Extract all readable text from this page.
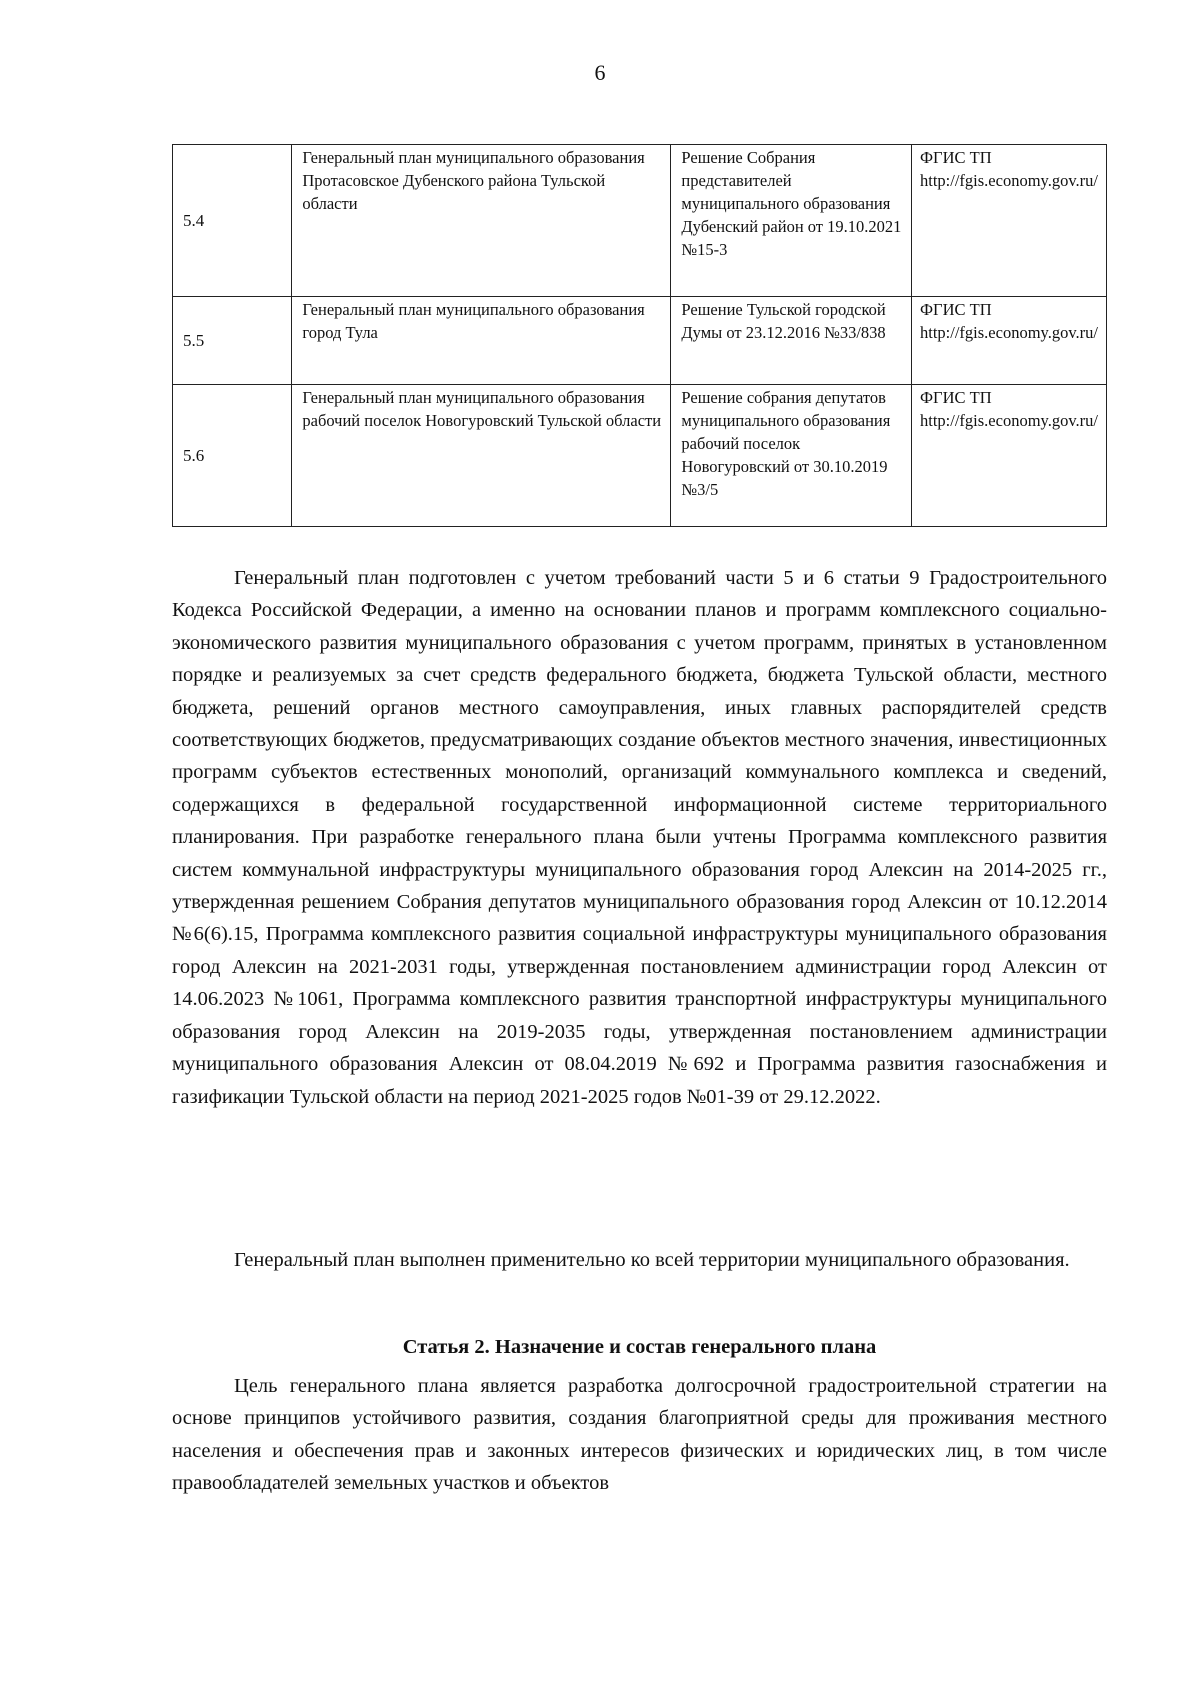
6
5.4	Генеральный план муниципального образования Протасовское Дубенского района Тульской области	Решение Собрания представителей муниципального образования Дубенский район от 19.10.2021 №15-3	ФГИС ТП http://fgis.economy.gov.ru/
5.5	Генеральный план муниципального образования город Тула	Решение Тульской городской Думы от 23.12.2016 №33/838	ФГИС ТП http://fgis.economy.gov.ru/
5.6	Генеральный план муниципального образования рабочий поселок Новогуровский Тульской области	Решение собрания депутатов муниципального образования рабочий поселок Новогуровский от 30.10.2019 №3/5	ФГИС ТП http://fgis.economy.gov.ru/

Генеральный план подготовлен с учетом требований части 5 и 6 статьи 9 Градостроительного Кодекса Российской Федерации, а именно на основании планов и программ комплексного социально-экономического развития муниципального образования с учетом программ, принятых в установленном порядке и реализуемых за счет средств федерального бюджета, бюджета Тульской области, местного бюджета, решений органов местного самоуправления, иных главных распорядителей средств соответствующих бюджетов, предусматривающих создание объектов местного значения, инвестиционных программ субъектов естественных монополий, организаций коммунального комплекса и сведений, содержащихся в федеральной государственной информационной системе территориального планирования. При разработке генерального плана были учтены Программа комплексного развития систем коммунальной инфраструктуры муниципального образования город Алексин на 2014-2025 гг., утвержденная решением Собрания депутатов муниципального образования город Алексин от 10.12.2014 №6(6).15, Программа комплексного развития социальной инфраструктуры муниципального образования город Алексин на 2021-2031 годы, утвержденная постановлением администрации город Алексин от 14.06.2023 №1061, Программа комплексного развития транспортной инфраструктуры муниципального образования город Алексин на 2019-2035 годы, утвержденная постановлением администрации муниципального образования Алексин от 08.04.2019 №692 и Программа развития газоснабжения и газификации Тульской области на период 2021-2025 годов №01-39 от 29.12.2022.

Генеральный план выполнен применительно ко всей территории муниципального образования.

Статья 2. Назначение и состав генерального плана

Цель генерального плана является разработка долгосрочной градостроительной стратегии на основе принципов устойчивого развития, создания благоприятной среды для проживания местного населения и обеспечения прав и законных интересов физических и юридических лиц, в том числе правообладателей земельных участков и объектов
